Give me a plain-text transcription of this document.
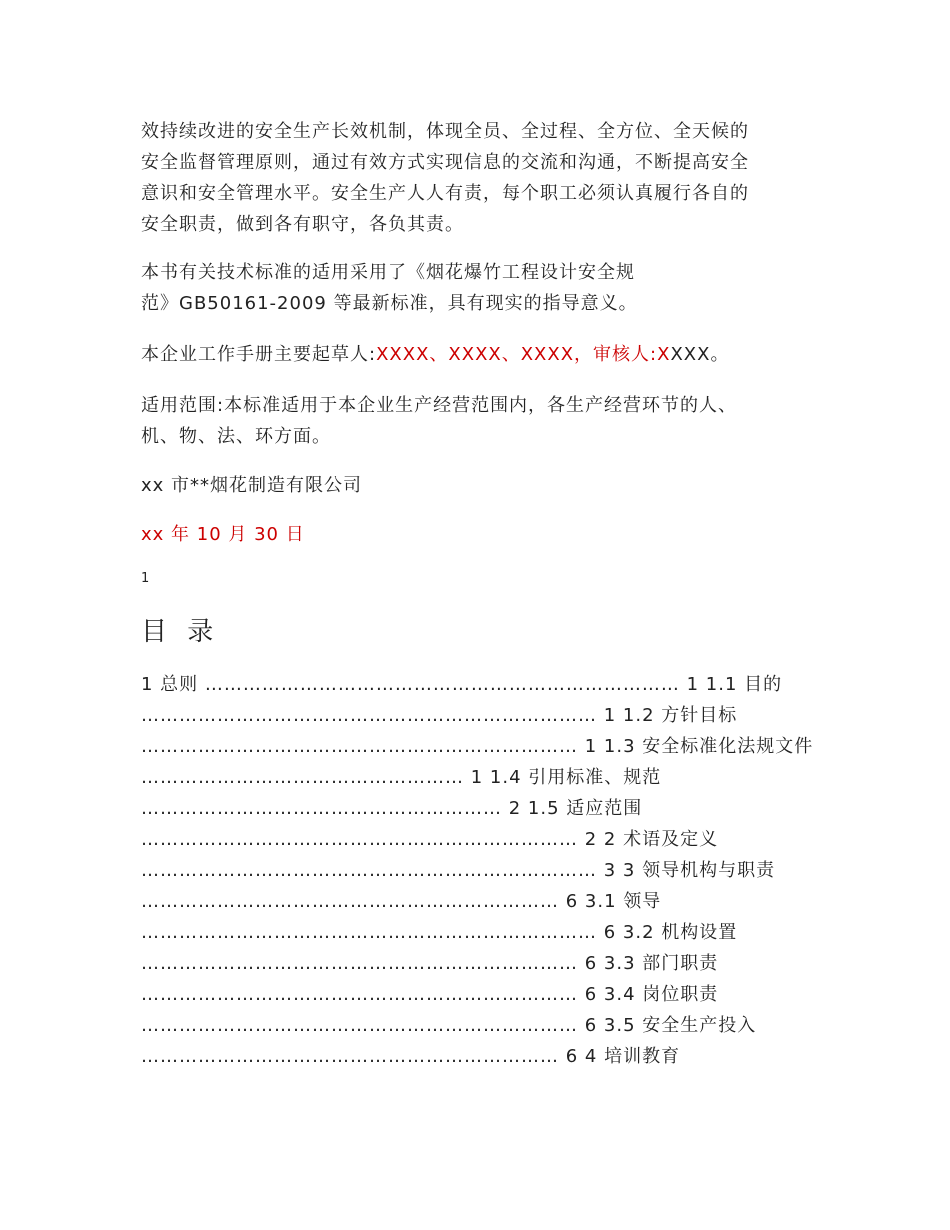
效持续改进的安全生产长效机制，体现全员、全过程、全方位、全天候的
安全监督管理原则，通过有效方式实现信息的交流和沟通，不断提高安全
意识和安全管理水平。安全生产人人有责，每个职工必须认真履行各自的
安全职责，做到各有职守，各负其责。

本书有关技术标准的适用采用了《烟花爆竹工程设计安全规
范》GB50161-2009 等最新标准，具有现实的指导意义。

本企业工作手册主要起草人:XXXX、XXXX、XXXX，审核人:XXXX。

适用范围:本标准适用于本企业生产经营范围内，各生产经营环节的人、
机、物、法、环方面。

xx 市**烟花制造有限公司

xx 年 10 月 30 日

1
目 录
1 总则 ………………………………………………………………… 1 1.1 目的
……………………………………………………………… 1 1.2 方针目标
…………………………………………………………… 1 1.3 安全标准化法规文件
…………………………………………… 1 1.4 引用标准、规范
………………………………………………… 2 1.5 适应范围
…………………………………………………………… 2 2 术语及定义
……………………………………………………………… 3 3 领导机构与职责
………………………………………………………… 6 3.1 领导
……………………………………………………………… 6 3.2 机构设置
…………………………………………………………… 6 3.3 部门职责
…………………………………………………………… 6 3.4 岗位职责
…………………………………………………………… 6 3.5 安全生产投入
………………………………………………………… 6 4 培训教育
